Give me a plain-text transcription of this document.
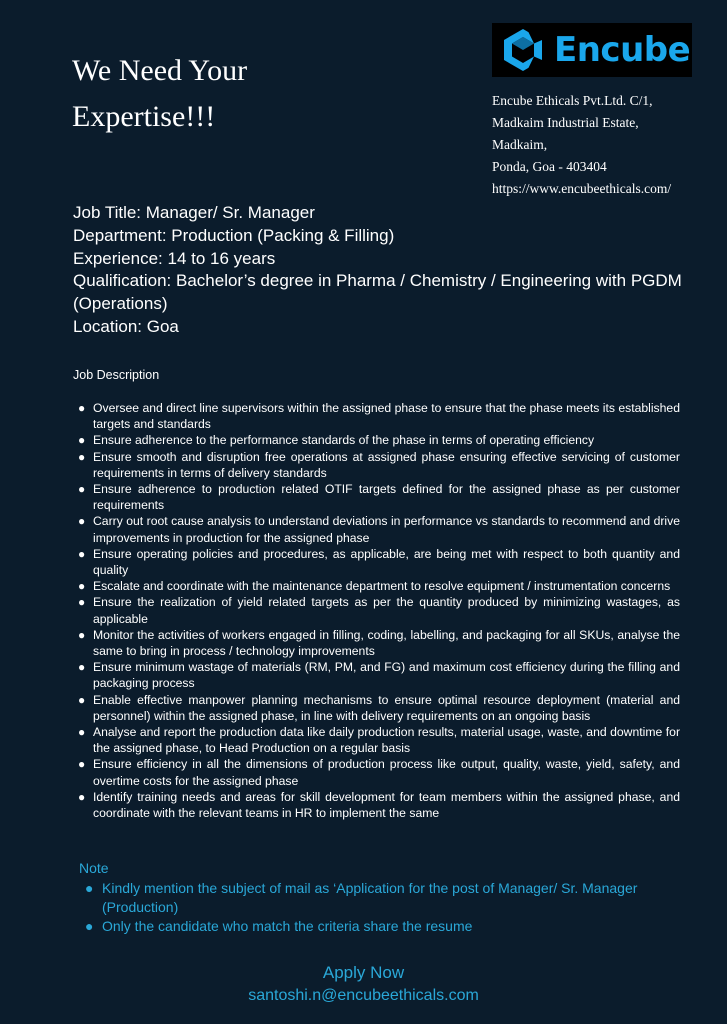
We Need Your
Expertise!!!
Encube
Encube Ethicals Pvt.Ltd. C/1,
Madkaim Industrial Estate,
Madkaim,
Ponda, Goa - 403404
https://www.encubeethicals.com/
Job Title: Manager/ Sr. Manager
Department: Production (Packing & Filling)
Experience: 14 to 16 years
Qualification: Bachelor’s degree in Pharma / Chemistry / Engineering with PGDM (Operations)
Location: Goa
Job Description
● Oversee and direct line supervisors within the assigned phase to ensure that the phase meets its established targets and standards
● Ensure adherence to the performance standards of the phase in terms of operating efficiency
● Ensure smooth and disruption free operations at assigned phase ensuring effective servicing of customer requirements in terms of delivery standards
● Ensure adherence to production related OTIF targets defined for the assigned phase as per customer requirements
● Carry out root cause analysis to understand deviations in performance vs standards to recommend and drive improvements in production for the assigned phase
● Ensure operating policies and procedures, as applicable, are being met with respect to both quantity and quality
● Escalate and coordinate with the maintenance department to resolve equipment / instrumentation concerns
● Ensure the realization of yield related targets as per the quantity produced by minimizing wastages, as applicable
● Monitor the activities of workers engaged in filling, coding, labelling, and packaging for all SKUs, analyse the same to bring in process / technology improvements
● Ensure minimum wastage of materials (RM, PM, and FG) and maximum cost efficiency during the filling and packaging process
● Enable effective manpower planning mechanisms to ensure optimal resource deployment (material and personnel) within the assigned phase, in line with delivery requirements on an ongoing basis
● Analyse and report the production data like daily production results, material usage, waste, and downtime for the assigned phase, to Head Production on a regular basis
● Ensure efficiency in all the dimensions of production process like output, quality, waste, yield, safety, and overtime costs for the assigned phase
● Identify training needs and areas for skill development for team members within the assigned phase, and coordinate with the relevant teams in HR to implement the same
Note
● Kindly mention the subject of mail as ‘Application for the post of Manager/ Sr. Manager (Production)
● Only the candidate who match the criteria share the resume
Apply Now
santoshi.n@encubeethicals.com
